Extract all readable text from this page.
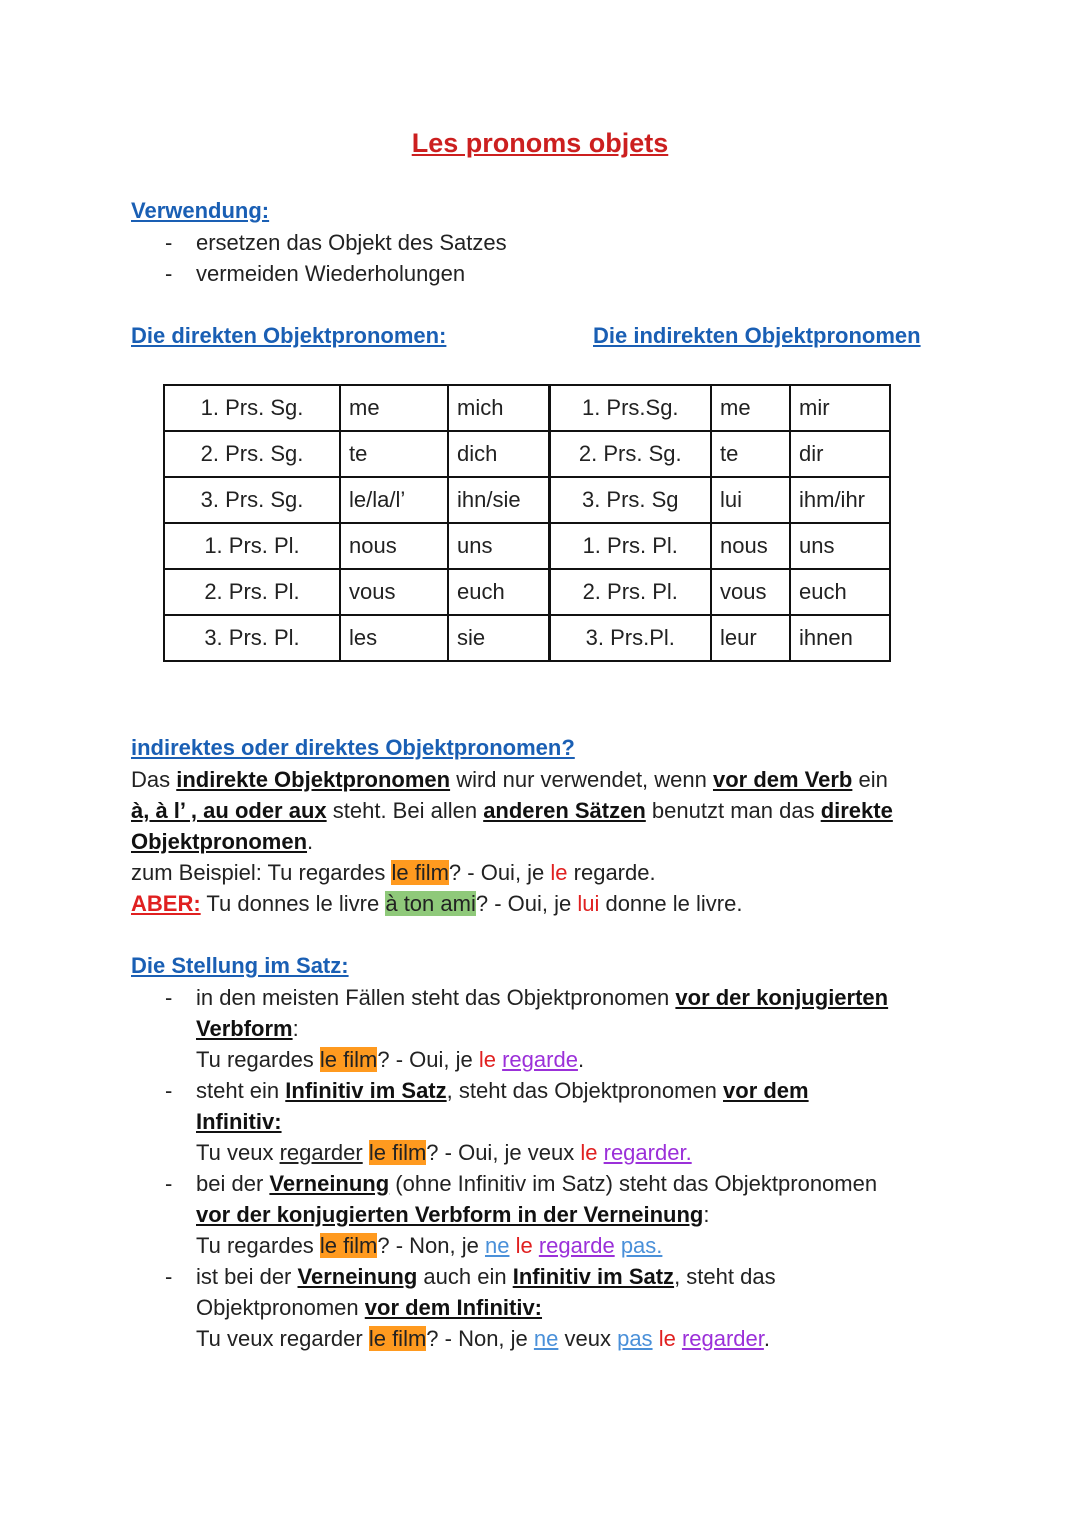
Les pronoms objets
Verwendung:
- ersetzen das Objekt des Satzes
- vermeiden Wiederholungen
Die direkten Objektpronomen:	Die indirekten Objektpronomen
1. Prs. Sg.	me	mich	1. Prs.Sg.	me	mir
2. Prs. Sg.	te	dich	2. Prs. Sg.	te	dir
3. Prs. Sg.	le/la/l’	ihn/sie	3. Prs. Sg	lui	ihm/ihr
1. Prs. Pl.	nous	uns	1. Prs. Pl.	nous	uns
2. Prs. Pl.	vous	euch	2. Prs. Pl.	vous	euch
3. Prs. Pl.	les	sie	3. Prs.Pl.	leur	ihnen
indirektes oder direktes Objektpronomen?
Das indirekte Objektpronomen wird nur verwendet, wenn vor dem Verb ein
à, à l’ , au oder aux steht. Bei allen anderen Sätzen benutzt man das direkte
Objektpronomen.
zum Beispiel: Tu regardes le film? - Oui, je le regarde.
ABER: Tu donnes le livre à ton ami? - Oui, je lui donne le livre.
Die Stellung im Satz:
- in den meisten Fällen steht das Objektpronomen vor der konjugierten
Verbform:
Tu regardes le film? - Oui, je le regarde.
- steht ein Infinitiv im Satz, steht das Objektpronomen vor dem
Infinitiv:
Tu veux regarder le film? - Oui, je veux le regarder.
- bei der Verneinung (ohne Infinitiv im Satz) steht das Objektpronomen
vor der konjugierten Verbform in der Verneinung:
Tu regardes le film? - Non, je ne le regarde pas.
- ist bei der Verneinung auch ein Infinitiv im Satz, steht das
Objektpronomen vor dem Infinitiv:
Tu veux regarder le film? - Non, je ne veux pas le regarder.
